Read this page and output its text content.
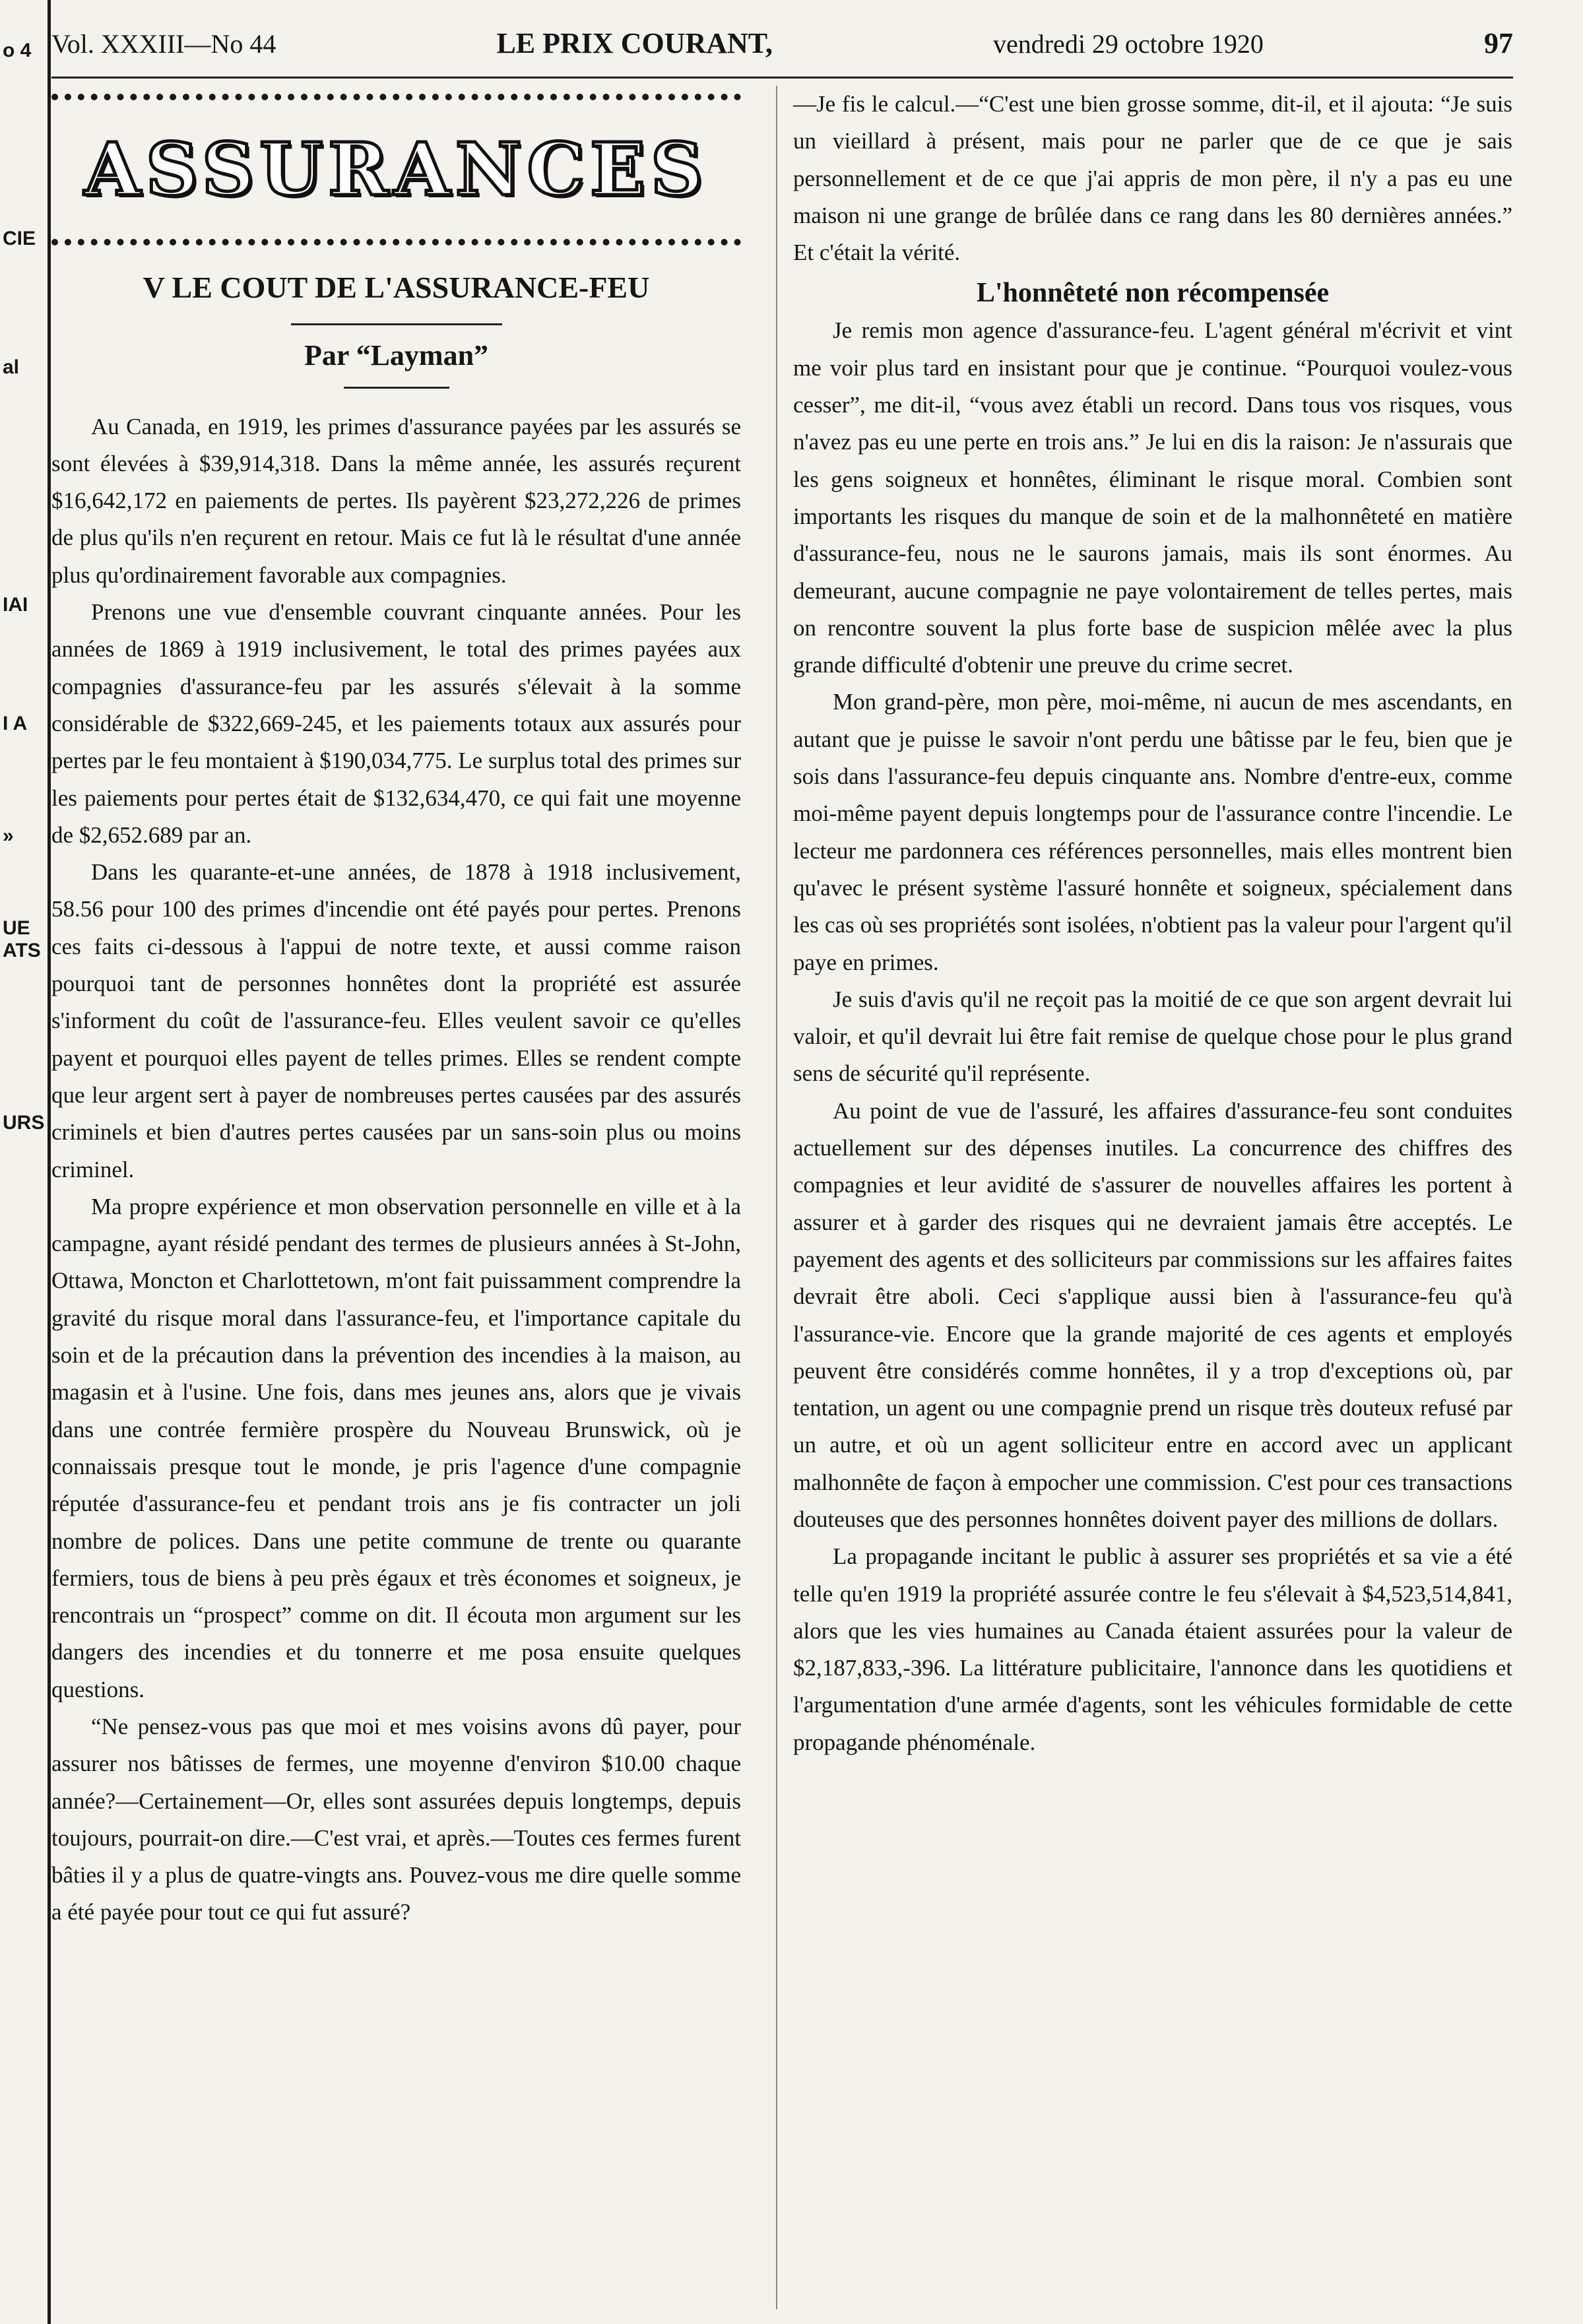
o 4
CIE
al
IAI
I A
»
UE
ATS
URS
Vol. XXXIII—No 44	LE PRIX COURANT,	vendredi 29 octobre 1920	97
ASSURANCES
V LE COUT DE L'ASSURANCE-FEU
Par “Layman”

Au Canada, en 1919, les primes d'assurance payées par les assurés se sont élevées à $39,914,318. Dans la même année, les assurés reçurent $16,642,172 en paiements de pertes. Ils payèrent $23,272,226 de primes de plus qu'ils n'en reçurent en retour. Mais ce fut là le résultat d'une année plus qu'ordinairement favorable aux compagnies.

Prenons une vue d'ensemble couvrant cinquante années. Pour les années de 1869 à 1919 inclusivement, le total des primes payées aux compagnies d'assurance-feu par les assurés s'élevait à la somme considérable de $322,669-245, et les paiements totaux aux assurés pour pertes par le feu montaient à $190,034,775. Le surplus total des primes sur les paiements pour pertes était de $132,634,470, ce qui fait une moyenne de $2,652.689 par an.

Dans les quarante-et-une années, de 1878 à 1918 inclusivement, 58.56 pour 100 des primes d'incendie ont été payés pour pertes. Prenons ces faits ci-dessous à l'appui de notre texte, et aussi comme raison pourquoi tant de personnes honnêtes dont la propriété est assurée s'informent du coût de l'assurance-feu. Elles veulent savoir ce qu'elles payent et pourquoi elles payent de telles primes. Elles se rendent compte que leur argent sert à payer de nombreuses pertes causées par des assurés criminels et bien d'autres pertes causées par un sans-soin plus ou moins criminel.

Ma propre expérience et mon observation personnelle en ville et à la campagne, ayant résidé pendant des termes de plusieurs années à St-John, Ottawa, Moncton et Charlottetown, m'ont fait puissamment comprendre la gravité du risque moral dans l'assurance-feu, et l'importance capitale du soin et de la précaution dans la prévention des incendies à la maison, au magasin et à l'usine. Une fois, dans mes jeunes ans, alors que je vivais dans une contrée fermière prospère du Nouveau Brunswick, où je connaissais presque tout le monde, je pris l'agence d'une compagnie réputée d'assurance-feu et pendant trois ans je fis contracter un joli nombre de polices. Dans une petite commune de trente ou quarante fermiers, tous de biens à peu près égaux et très économes et soigneux, je rencontrais un “prospect” comme on dit. Il écouta mon argument sur les dangers des incendies et du tonnerre et me posa ensuite quelques questions.

“Ne pensez-vous pas que moi et mes voisins avons dû payer, pour assurer nos bâtisses de fermes, une moyenne d'environ $10.00 chaque année?—Certainement—Or, elles sont assurées depuis longtemps, depuis toujours, pourrait-on dire.—C'est vrai, et après.—Toutes ces fermes furent bâties il y a plus de quatre-vingts ans. Pouvez-vous me dire quelle somme a été payée pour tout ce qui fut assuré?

—Je fis le calcul.—“C'est une bien grosse somme, dit-il, et il ajouta: “Je suis un vieillard à présent, mais pour ne parler que de ce que je sais personnellement et de ce que j'ai appris de mon père, il n'y a pas eu une maison ni une grange de brûlée dans ce rang dans les 80 dernières années.” Et c'était la vérité.

L'honnêteté non récompensée

Je remis mon agence d'assurance-feu. L'agent général m'écrivit et vint me voir plus tard en insistant pour que je continue. “Pourquoi voulez-vous cesser”, me dit-il, “vous avez établi un record. Dans tous vos risques, vous n'avez pas eu une perte en trois ans.” Je lui en dis la raison: Je n'assurais que les gens soigneux et honnêtes, éliminant le risque moral. Combien sont importants les risques du manque de soin et de la malhonnêteté en matière d'assurance-feu, nous ne le saurons jamais, mais ils sont énormes. Au demeurant, aucune compagnie ne paye volontairement de telles pertes, mais on rencontre souvent la plus forte base de suspicion mêlée avec la plus grande difficulté d'obtenir une preuve du crime secret.

Mon grand-père, mon père, moi-même, ni aucun de mes ascendants, en autant que je puisse le savoir n'ont perdu une bâtisse par le feu, bien que je sois dans l'assurance-feu depuis cinquante ans. Nombre d'entre-eux, comme moi-même payent depuis longtemps pour de l'assurance contre l'incendie. Le lecteur me pardonnera ces références personnelles, mais elles montrent bien qu'avec le présent système l'assuré honnête et soigneux, spécialement dans les cas où ses propriétés sont isolées, n'obtient pas la valeur pour l'argent qu'il paye en primes.

Je suis d'avis qu'il ne reçoit pas la moitié de ce que son argent devrait lui valoir, et qu'il devrait lui être fait remise de quelque chose pour le plus grand sens de sécurité qu'il représente.

Au point de vue de l'assuré, les affaires d'assurance-feu sont conduites actuellement sur des dépenses inutiles. La concurrence des chiffres des compagnies et leur avidité de s'assurer de nouvelles affaires les portent à assurer et à garder des risques qui ne devraient jamais être acceptés. Le payement des agents et des solliciteurs par commissions sur les affaires faites devrait être aboli. Ceci s'applique aussi bien à l'assurance-feu qu'à l'assurance-vie. Encore que la grande majorité de ces agents et employés peuvent être considérés comme honnêtes, il y a trop d'exceptions où, par tentation, un agent ou une compagnie prend un risque très douteux refusé par un autre, et où un agent solliciteur entre en accord avec un applicant malhonnête de façon à empocher une commission. C'est pour ces transactions douteuses que des personnes honnêtes doivent payer des millions de dollars.

La propagande incitant le public à assurer ses propriétés et sa vie a été telle qu'en 1919 la propriété assurée contre le feu s'élevait à $4,523,514,841, alors que les vies humaines au Canada étaient assurées pour la valeur de $2,187,833,-396. La littérature publicitaire, l'annonce dans les quotidiens et l'argumentation d'une armée d'agents, sont les véhicules formidable de cette propagande phénoménale.
